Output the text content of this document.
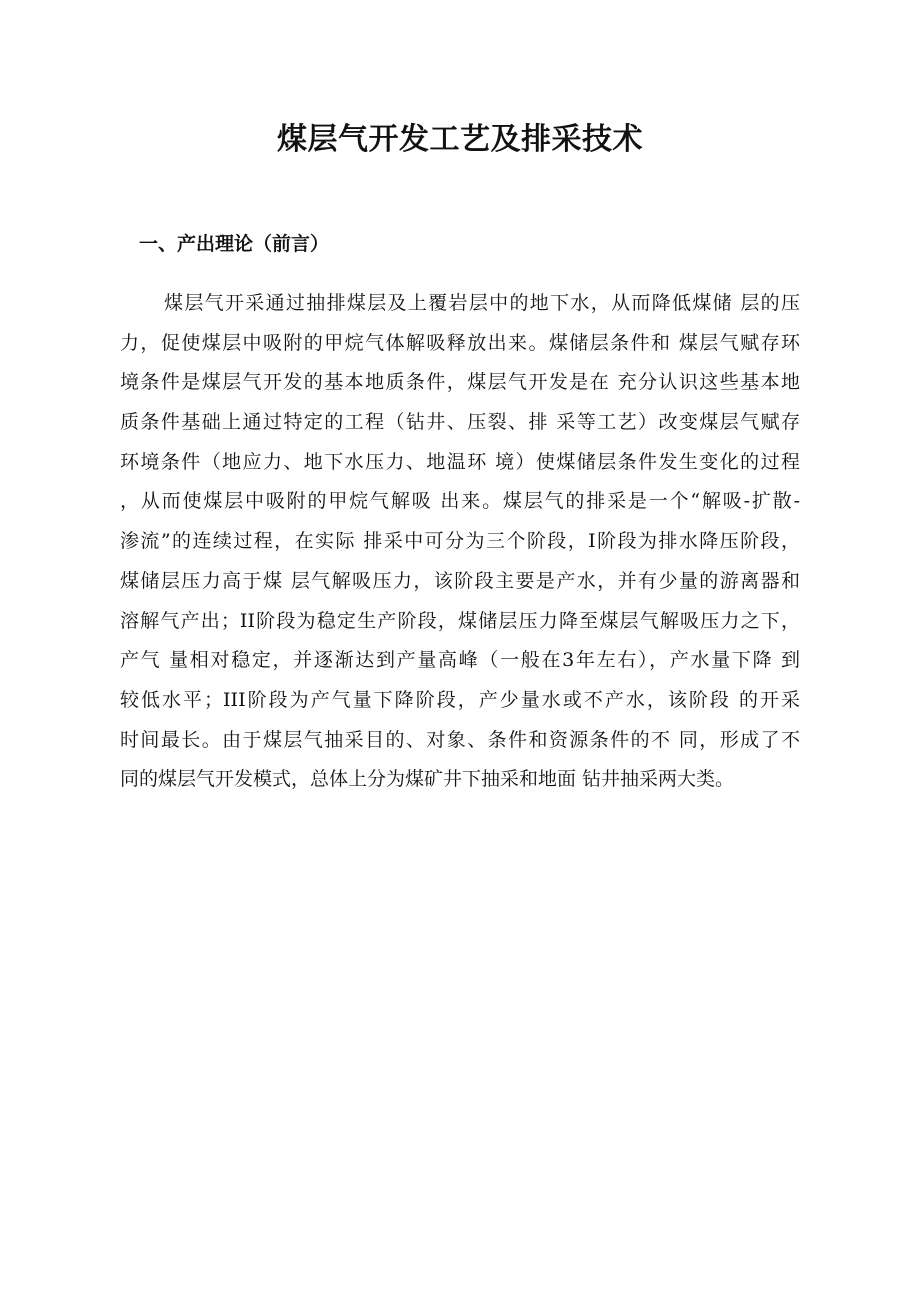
煤层气开发工艺及排采技术
一、产出理论（前言）
煤层气开采通过抽排煤层及上覆岩层中的地下水，从而降低煤储 层的压
力，促使煤层中吸附的甲烷气体解吸释放出来。煤储层条件和 煤层气赋存环
境条件是煤层气开发的基本地质条件，煤层气开发是在 充分认识这些基本地
质条件基础上通过特定的工程（钻井、压裂、排 采等工艺）改变煤层气赋存
环境条件（地应力、地下水压力、地温环 境）使煤储层条件发生变化的过程
，从而使煤层中吸附的甲烷气解吸 出来。煤层气的排采是一个“解吸-扩散-
渗流”的连续过程，在实际 排采中可分为三个阶段，I阶段为排水降压阶段，
煤储层压力高于煤 层气解吸压力，该阶段主要是产水，并有少量的游离器和
溶解气产出；II阶段为稳定生产阶段，煤储层压力降至煤层气解吸压力之下，
产气 量相对稳定，并逐渐达到产量高峰（一般在3年左右），产水量下降 到
较低水平；III阶段为产气量下降阶段，产少量水或不产水，该阶段 的开采
时间最长。由于煤层气抽采目的、对象、条件和资源条件的不 同，形成了不
同的煤层气开发模式，总体上分为煤矿井下抽采和地面 钻井抽采两大类。
